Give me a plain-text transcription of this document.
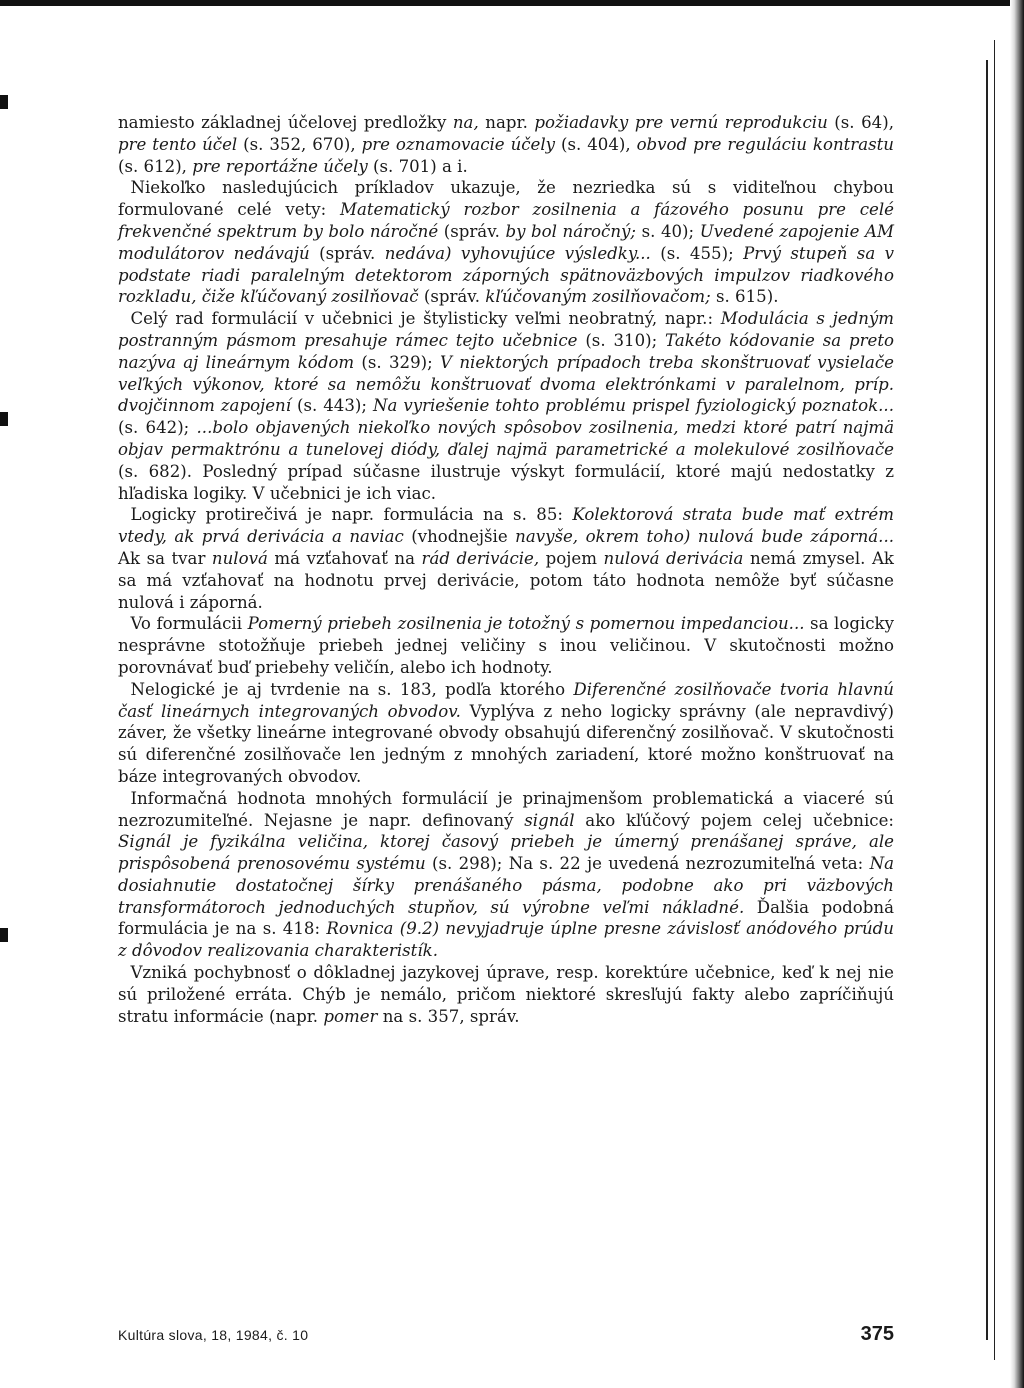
namiesto základnej účelovej predložky na, napr. požiadavky pre vernú reprodukciu (s. 64), pre tento účel (s. 352, 670), pre oznamovacie účely (s. 404), obvod pre reguláciu kontrastu (s. 612), pre reportážne účely (s. 701) a i.

Niekoľko nasledujúcich príkladov ukazuje, že nezriedka sú s viditeľnou chybou formulované celé vety: Matematický rozbor zosilnenia a fázového posunu pre celé frekvenčné spektrum by bolo náročné (správ. by bol náročný; s. 40); Uvedené zapojenie AM modulátorov nedávajú (správ. nedáva) vyhovujúce výsledky... (s. 455); Prvý stupeň sa v podstate riadi paralelným detektorom záporných spätnoväzbových impulzov riadkového rozkladu, čiže kľúčovaný zosilňovač (správ. kľúčovaným zosilňovačom; s. 615).

Celý rad formulácií v učebnici je štylisticky veľmi neobratný, napr.: Modulácia s jedným postranným pásmom presahuje rámec tejto učebnice (s. 310); Takéto kódovanie sa preto nazýva aj lineárnym kódom (s. 329); V niektorých prípadoch treba skonštruovať vysielače veľkých výkonov, ktoré sa nemôžu konštruovať dvoma elektrónkami v paralelnom, príp. dvojčinnom zapojení (s. 443); Na vyriešenie tohto problému prispel fyziologický poznatok... (s. 642); ...bolo objavených niekoľko nových spôsobov zosilnenia, medzi ktoré patrí najmä objav permaktrónu a tunelovej diódy, ďalej najmä parametrické a molekulové zosilňovače (s. 682). Posledný prípad súčasne ilustruje výskyt formulácií, ktoré majú nedostatky z hľadiska logiky. V učebnici je ich viac.

Logicky protirečivá je napr. formulácia na s. 85: Kolektorová strata bude mať extrém vtedy, ak prvá derivácia a naviac (vhodnejšie navyše, okrem toho) nulová bude záporná... Ak sa tvar nulová má vzťahovať na rád derivácie, pojem nulová derivácia nemá zmysel. Ak sa má vzťahovať na hodnotu prvej derivácie, potom táto hodnota nemôže byť súčasne nulová i záporná.

Vo formulácii Pomerný priebeh zosilnenia je totožný s pomernou impedanciou... sa logicky nesprávne stotožňuje priebeh jednej veličiny s inou veličinou. V skutočnosti možno porovnávať buď priebehy veličín, alebo ich hodnoty.

Nelogické je aj tvrdenie na s. 183, podľa ktorého Diferenčné zosilňovače tvoria hlavnú časť lineárnych integrovaných obvodov. Vyplýva z neho logicky správny (ale nepravdivý) záver, že všetky lineárne integrované obvody obsahujú diferenčný zosilňovač. V skutočnosti sú diferenčné zosilňovače len jedným z mnohých zariadení, ktoré možno konštruovať na báze integrovaných obvodov.

Informačná hodnota mnohých formulácií je prinajmenšom problematická a viaceré sú nezrozumiteľné. Nejasne je napr. definovaný signál ako kľúčový pojem celej učebnice: Signál je fyzikálna veličina, ktorej časový priebeh je úmerný prenášanej správe, ale prispôsobená prenosovému systému (s. 298); Na s. 22 je uvedená nezrozumiteľná veta: Na dosiahnutie dostatočnej šírky prenášaného pásma, podobne ako pri väzbových transformátoroch jednoduchých stupňov, sú výrobne veľmi nákladné. Ďalšia podobná formulácia je na s. 418: Rovnica (9.2) nevyjadruje úplne presne závislosť anódového prúdu z dôvodov realizovania charakteristík.

Vzniká pochybnosť o dôkladnej jazykovej úprave, resp. korektúre učebnice, keď k nej nie sú priložené erráta. Chýb je nemálo, pričom niektoré skresľujú fakty alebo zapríčiňujú stratu informácie (napr. pomer na s. 357, správ.

Kultúra slova, 18, 1984, č. 10	375
